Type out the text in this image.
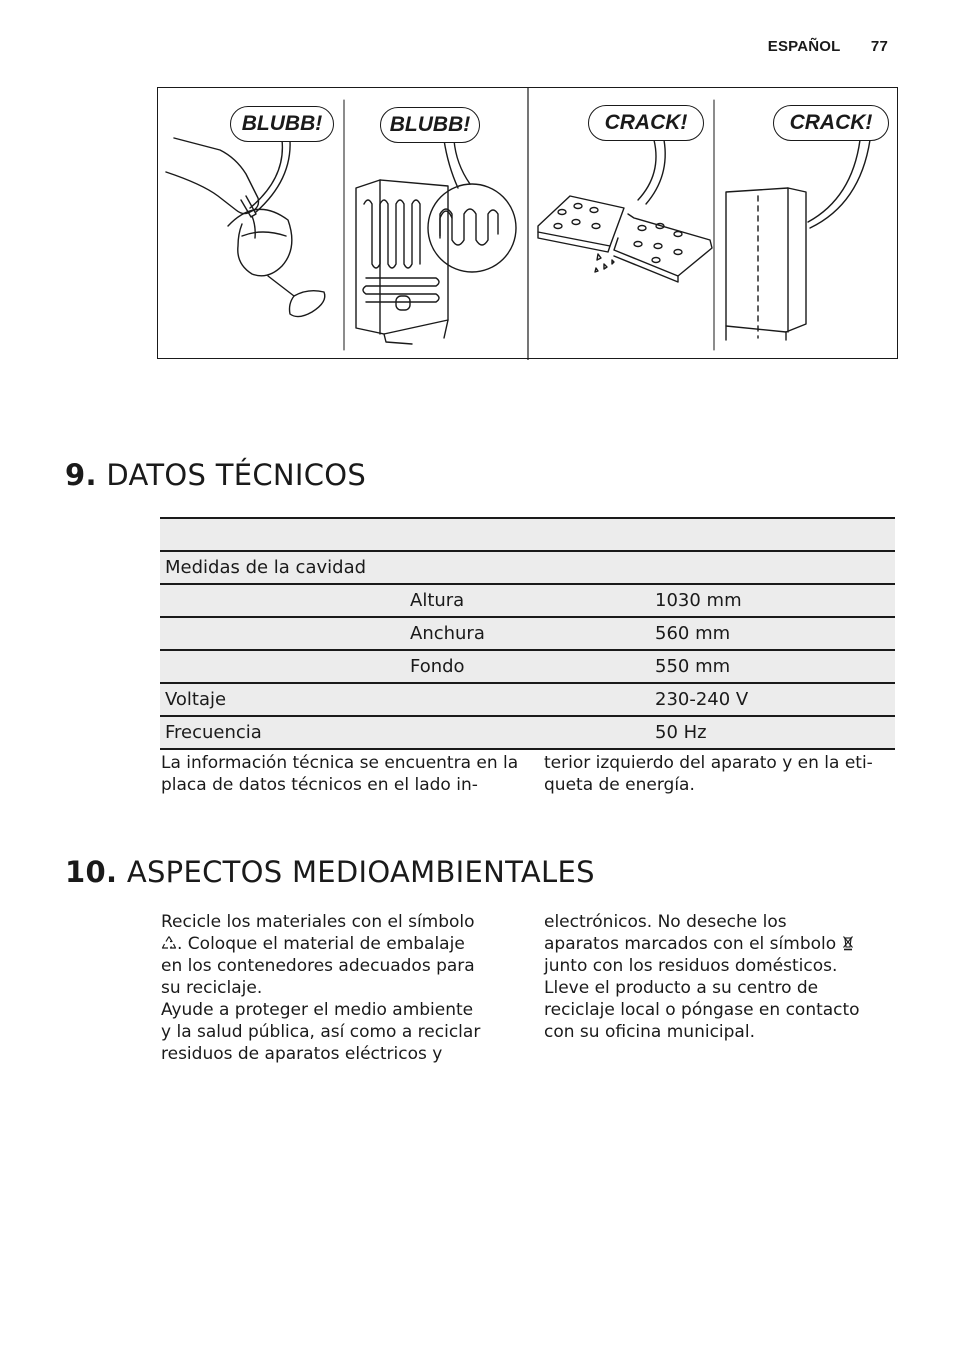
ESPAÑOL 77
BLUBB!	BLUBB!	CRACK!	CRACK!
9. DATOS TÉCNICOS

Medidas de la cavidad		
	Altura	1030 mm
	Anchura	560 mm
	Fondo	550 mm
Voltaje		230-240 V
Frecuencia		50 Hz

La información técnica se encuentra en la placa de datos técnicos en el lado in-

terior izquierdo del aparato y en la eti- queta de energía.

10. ASPECTOS MEDIOAMBIENTALES
Recicle los materiales con el símbolo
. Coloque el material de embalaje
en los contenedores adecuados para
su reciclaje.
Ayude a proteger el medio ambiente
y la salud pública, así como a reciclar
residuos de aparatos eléctricos y
electrónicos. No deseche los
aparatos marcados con el símbolo
junto con los residuos domésticos.
Lleve el producto a su centro de
reciclaje local o póngase en contacto
con su oficina municipal.
